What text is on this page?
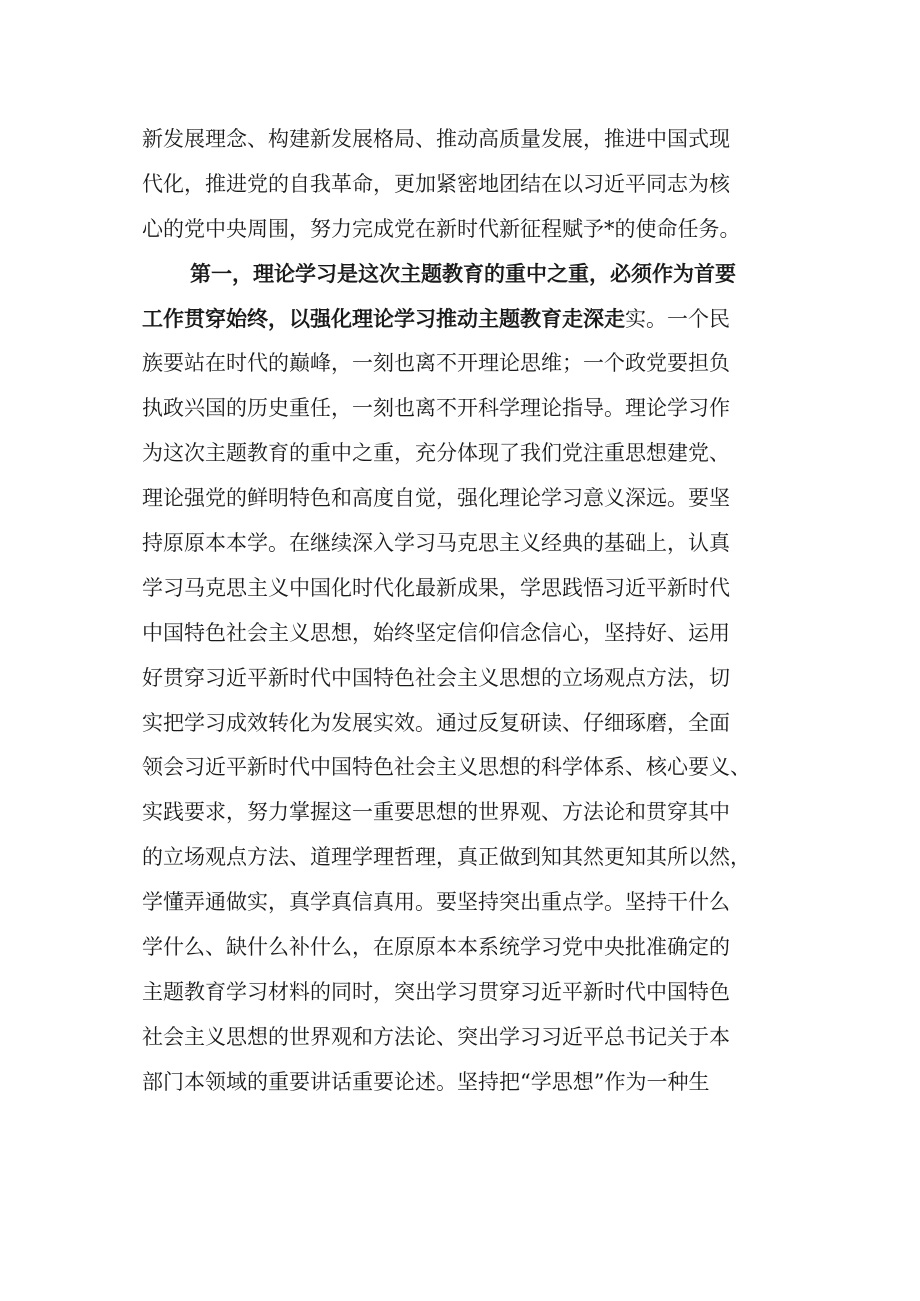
新发展理念、构建新发展格局、推动高质量发展，推进中国式现
代化，推进党的自我革命，更加紧密地团结在以习近平同志为核
心的党中央周围，努力完成党在新时代新征程赋予*的使命任务。
第一，理论学习是这次主题教育的重中之重，必须作为首要
工作贯穿始终，以强化理论学习推动主题教育走深走实。一个民
族要站在时代的巅峰，一刻也离不开理论思维；一个政党要担负
执政兴国的历史重任，一刻也离不开科学理论指导。理论学习作
为这次主题教育的重中之重，充分体现了我们党注重思想建党、
理论强党的鲜明特色和高度自觉，强化理论学习意义深远。要坚
持原原本本学。在继续深入学习马克思主义经典的基础上，认真
学习马克思主义中国化时代化最新成果，学思践悟习近平新时代
中国特色社会主义思想，始终坚定信仰信念信心，坚持好、运用
好贯穿习近平新时代中国特色社会主义思想的立场观点方法，切
实把学习成效转化为发展实效。通过反复研读、仔细琢磨，全面
领会习近平新时代中国特色社会主义思想的科学体系、核心要义、
实践要求，努力掌握这一重要思想的世界观、方法论和贯穿其中
的立场观点方法、道理学理哲理，真正做到知其然更知其所以然，
学懂弄通做实，真学真信真用。要坚持突出重点学。坚持干什么
学什么、缺什么补什么，在原原本本系统学习党中央批准确定的
主题教育学习材料的同时，突出学习贯穿习近平新时代中国特色
社会主义思想的世界观和方法论、突出学习习近平总书记关于本
部门本领域的重要讲话重要论述。坚持把“学思想”作为一种生
